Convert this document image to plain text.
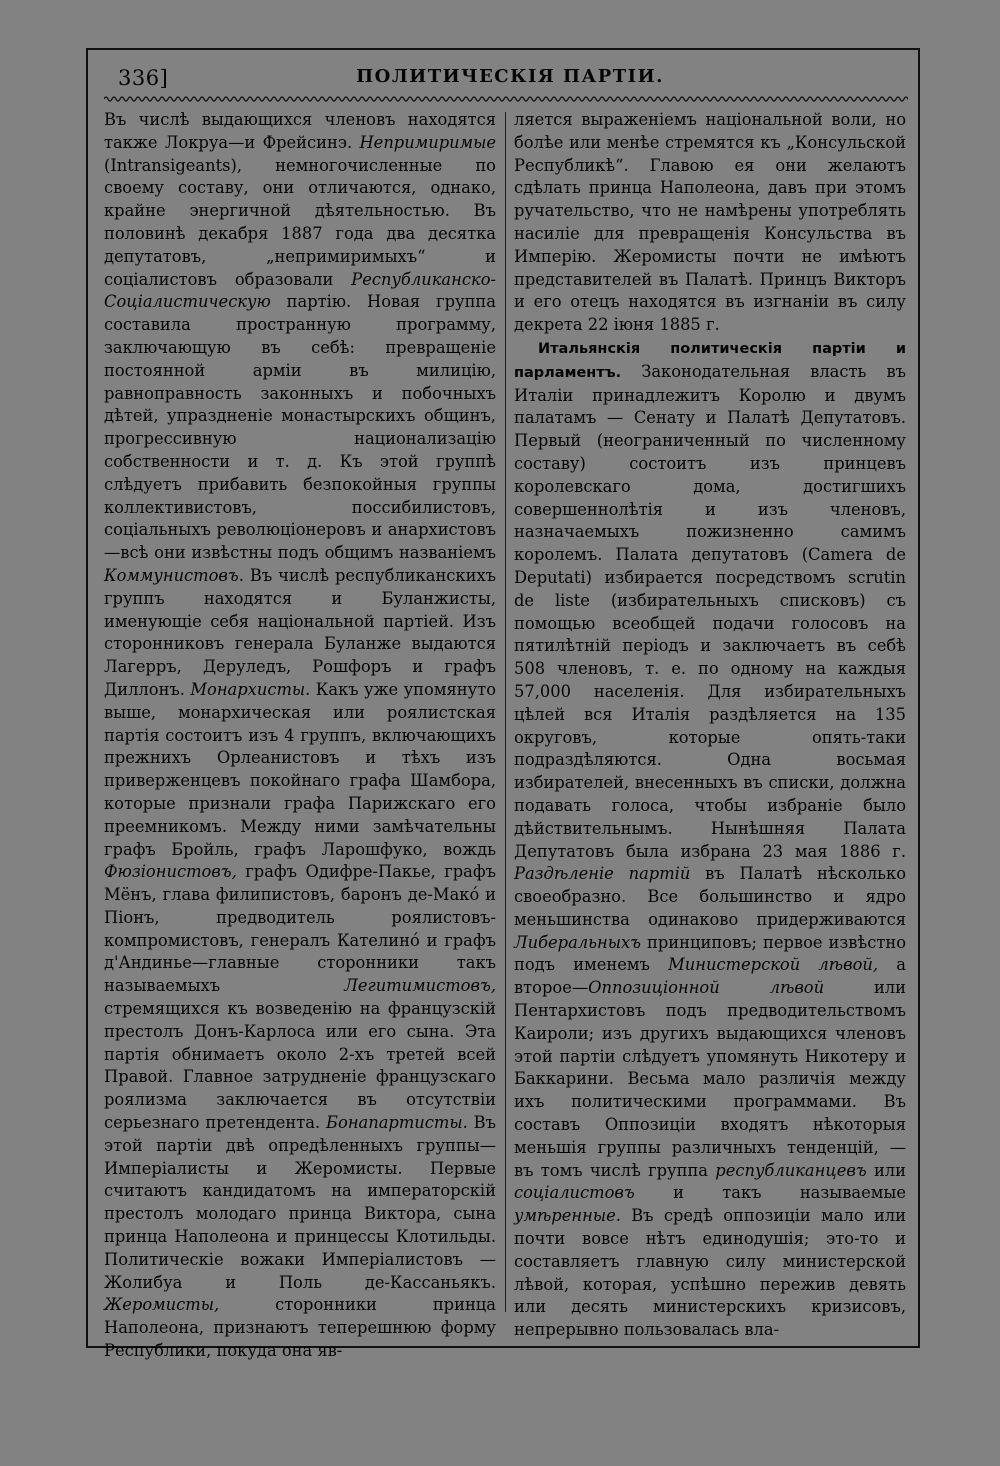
336]	ПОЛИТИЧЕСКIЯ ПАРТIИ.

Въ числѣ выдающихся членовъ находятся также Локруа—и Фрейсинэ. Непримиримые (Intransigeants), немногочисленные по своему составу, они отличаются, однако, крайне энергичной дѣятельностью. Въ половинѣ декабря 1887 года два десятка депутатовъ, „непримиримыхъ“ и соцiалистовъ образовали Республиканско-Соцiалистическую партiю. Новая группа составила пространную программу, заключающую въ себѣ: превращенiе постоянной армiи въ милицiю, равноправность законныхъ и побочныхъ дѣтей, упраздненiе монастырскихъ общинъ, прогрессивную национализацiю собственности и т. д. Къ этой группѣ слѣдуетъ прибавить безпокойныя группы коллективистовъ, поссибилистовъ, соцiальныхъ революцiонеровъ и анархистовъ—всѣ они извѣстны подъ общимъ названiемъ Коммунистовъ. Въ числѣ республиканскихъ группъ находятся и Буланжисты, именующiе себя нацiональной партiей. Изъ сторонниковъ генерала Буланже выдаются Лагерръ, Деруледъ, Рошфоръ и графъ Диллонъ. Монархисты. Какъ уже упомянуто выше, монархическая или роялистская партiя состоитъ изъ 4 группъ, включающихъ прежнихъ Орлеанистовъ и тѣхъ изъ приверженцевъ покойнаго графа Шамбора, которые признали графа Парижскаго его преемникомъ. Между ними замѣчательны графъ Бройль, графъ Ларошфуко, вождь Фюзiонистовъ, графъ Одифре-Пакье, графъ Мёнъ, глава филипистовъ, баронъ де-Макó и Пiонъ, предводитель роялистовъ-компромистовъ, генералъ Кателинó и графъ д'Андинье—главные сторонники такъ называемыхъ Легитимистовъ, стремящихся къ возведенiю на французскiй престолъ Донъ-Карлоса или его сына. Эта партiя обнимаетъ около 2-хъ третей всей Правой. Главное затрудненiе французскаго роялизма заключается въ отсутствiи серьезнаго претендента. Бонапартисты. Въ этой партiи двѣ опредѣленныхъ группы—Имперiалисты и Жеромисты. Первые считаютъ кандидатомъ на императорскiй престолъ молодаго принца Виктора, сына принца Наполеона и принцессы Клотильды. Политическiе вожаки Имперiалистовъ — Жолибуа и Поль де-Кассаньякъ. Жеромисты, сторонники принца Наполеона, признаютъ теперешнюю форму Республики, покуда она яв-

ляется выраженiемъ нацiональной воли, но болѣе или менѣе стремятся къ „Консульской Республикѣ“. Главою ея они желаютъ сдѣлать принца Наполеона, давъ при этомъ ручательство, что не намѣрены употреблять насилiе для превращенiя Консульства въ Имперiю. Жеромисты почти не имѣютъ представителей въ Палатѣ. Принцъ Викторъ и его отецъ находятся въ изгнанiи въ силу декрета 22 iюня 1885 г.

Итальянскiя политическiя партiи и парламентъ. Законодательная власть въ Италiи принадлежитъ Королю и двумъ палатамъ — Сенату и Палатѣ Депутатовъ. Первый (неограниченный по численному составу) состоитъ изъ принцевъ королевскаго дома, достигшихъ совершеннолѣтiя и изъ членовъ, назначаемыхъ пожизненно самимъ королемъ. Палата депутатовъ (Camera de Deputati) избирается посредствомъ scrutin de liste (избирательныхъ списковъ) съ помощью всеобщей подачи голосовъ на пятилѣтнiй перiодъ и заключаетъ въ себѣ 508 членовъ, т. е. по одному на каждыя 57,000 населенiя. Для избирательныхъ цѣлей вся Италiя раздѣляется на 135 округовъ, которые опять-таки подраздѣляются. Одна восьмая избирателей, внесенныхъ въ списки, должна подавать голоса, чтобы избранiе было дѣйствительнымъ. Нынѣшняя Палата Депутатовъ была избрана 23 мая 1886 г. Раздѣленiе партiй въ Палатѣ нѣсколько своеобразно. Все большинство и ядро меньшинства одинаково придерживаются Либеральныхъ принциповъ; первое извѣстно подъ именемъ Министерской лѣвой, а второе—Оппозицiонной лѣвой или Пентархистовъ подъ предводительствомъ Каироли; изъ другихъ выдающихся членовъ этой партiи слѣдуетъ упомянуть Никотеру и Баккарини. Весьма мало различiя между ихъ политическими программами. Въ составъ Оппозицiи входятъ нѣкоторыя меньшiя группы различныхъ тенденцiй, — въ томъ числѣ группа республиканцевъ или соцiалистовъ и такъ называемые умѣренные. Въ средѣ оппозицiи мало или почти вовсе нѣтъ единодушiя; это-то и составляетъ главную силу министерской лѣвой, которая, успѣшно пережив девять или десять министерскихъ кризисовъ, непрерывно пользовалась вла-
